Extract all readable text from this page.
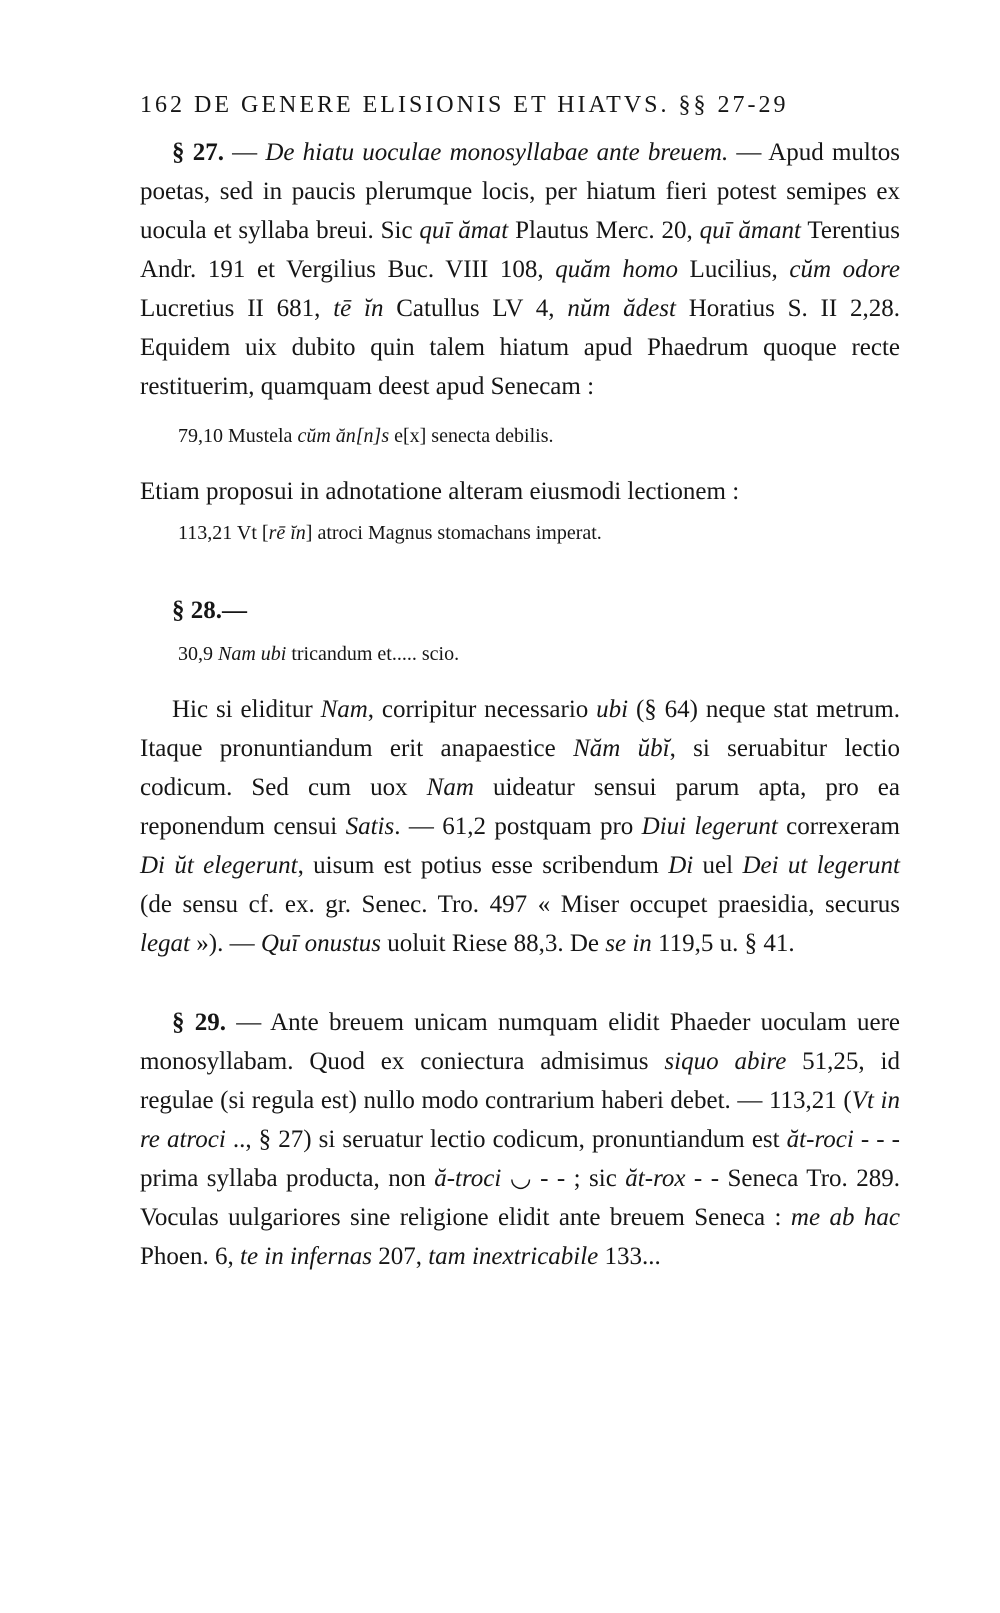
162 DE GENERE ELISIONIS ET HIATVS. §§ 27-29

§ 27. — De hiatu uoculae monosyllabae ante breuem. — Apud multos poetas, sed in paucis plerumque locis, per hiatum fieri potest semipes ex uocula et syllaba breui. Sic quī ămat Plautus Merc. 20, quī ămant Terentius Andr. 191 et Vergilius Buc. VIII 108, quăm homo Lucilius, cŭm odore Lucretius II 681, tē ĭn Catullus LV 4, nŭm ădest Horatius S. II 2,28. Equidem uix dubito quin talem hiatum apud Phaedrum quoque recte restituerim, quamquam deest apud Senecam :

79,10 Mustela cŭm ăn[n]s e[x] senecta debilis.

Etiam proposui in adnotatione alteram eiusmodi lectionem :

113,21 Vt [rē ĭn] atroci Magnus stomachans imperat.

§ 28.—

30,9 Nam ubi tricandum et..... scio.

Hic si eliditur Nam, corripitur necessario ubi (§ 64) neque stat metrum. Itaque pronuntiandum erit anapaestice Năm ŭbĭ, si seruabitur lectio codicum. Sed cum uox Nam uideatur sensui parum apta, pro ea reponendum censui Satis. — 61,2 postquam pro Diui legerunt correxeram Di ŭt elegerunt, uisum est potius esse scribendum Di uel Dei ut legerunt (de sensu cf. ex. gr. Senec. Tro. 497 « Miser occupet praesidia, securus legat »). — Quī onustus uoluit Riese 88,3. De se in 119,5 u. § 41.

§ 29. — Ante breuem unicam numquam elidit Phaeder uoculam uere monosyllabam. Quod ex coniectura admisimus siquo abire 51,25, id regulae (si regula est) nullo modo contrarium haberi debet. — 113,21 (Vt in re atroci .., § 27) si seruatur lectio codicum, pronuntiandum est ăt-roci - - - prima syllaba producta, non ă-troci ◡ - - ; sic ăt-rox - - Seneca Tro. 289. Voculas uulgariores sine religione elidit ante breuem Seneca : me ab hac Phoen. 6, te in infernas 207, tam inextricabile 133...
